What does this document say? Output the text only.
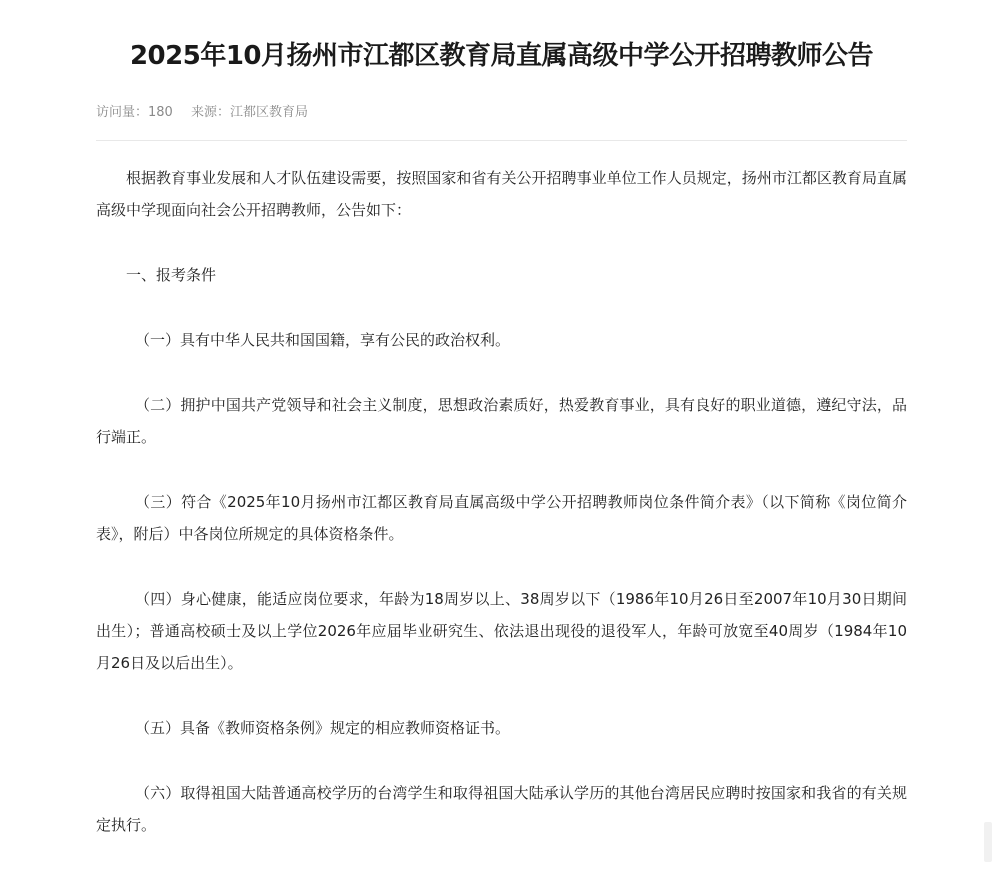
2025年10月扬州市江都区教育局直属高级中学公开招聘教师公告
访问量：180 来源：江都区教育局

根据教育事业发展和人才队伍建设需要，按照国家和省有关公开招聘事业单位工作人员规定，扬州市江都区教育局直属高级中学现面向社会公开招聘教师，公告如下：

一、报考条件

（一）具有中华人民共和国国籍，享有公民的政治权利。

（二）拥护中国共产党领导和社会主义制度，思想政治素质好，热爱教育事业，具有良好的职业道德，遵纪守法，品行端正。

（三）符合《2025年10月扬州市江都区教育局直属高级中学公开招聘教师岗位条件简介表》（以下简称《岗位简介表》，附后）中各岗位所规定的具体资格条件。

（四）身心健康，能适应岗位要求，年龄为18周岁以上、38周岁以下（1986年10月26日至2007年10月30日期间出生）；普通高校硕士及以上学位2026年应届毕业研究生、依法退出现役的退役军人，年龄可放宽至40周岁（1984年10月26日及以后出生）。

（五）具备《教师资格条例》规定的相应教师资格证书。

（六）取得祖国大陆普通高校学历的台湾学生和取得祖国大陆承认学历的其他台湾居民应聘时按国家和我省的有关规定执行。
